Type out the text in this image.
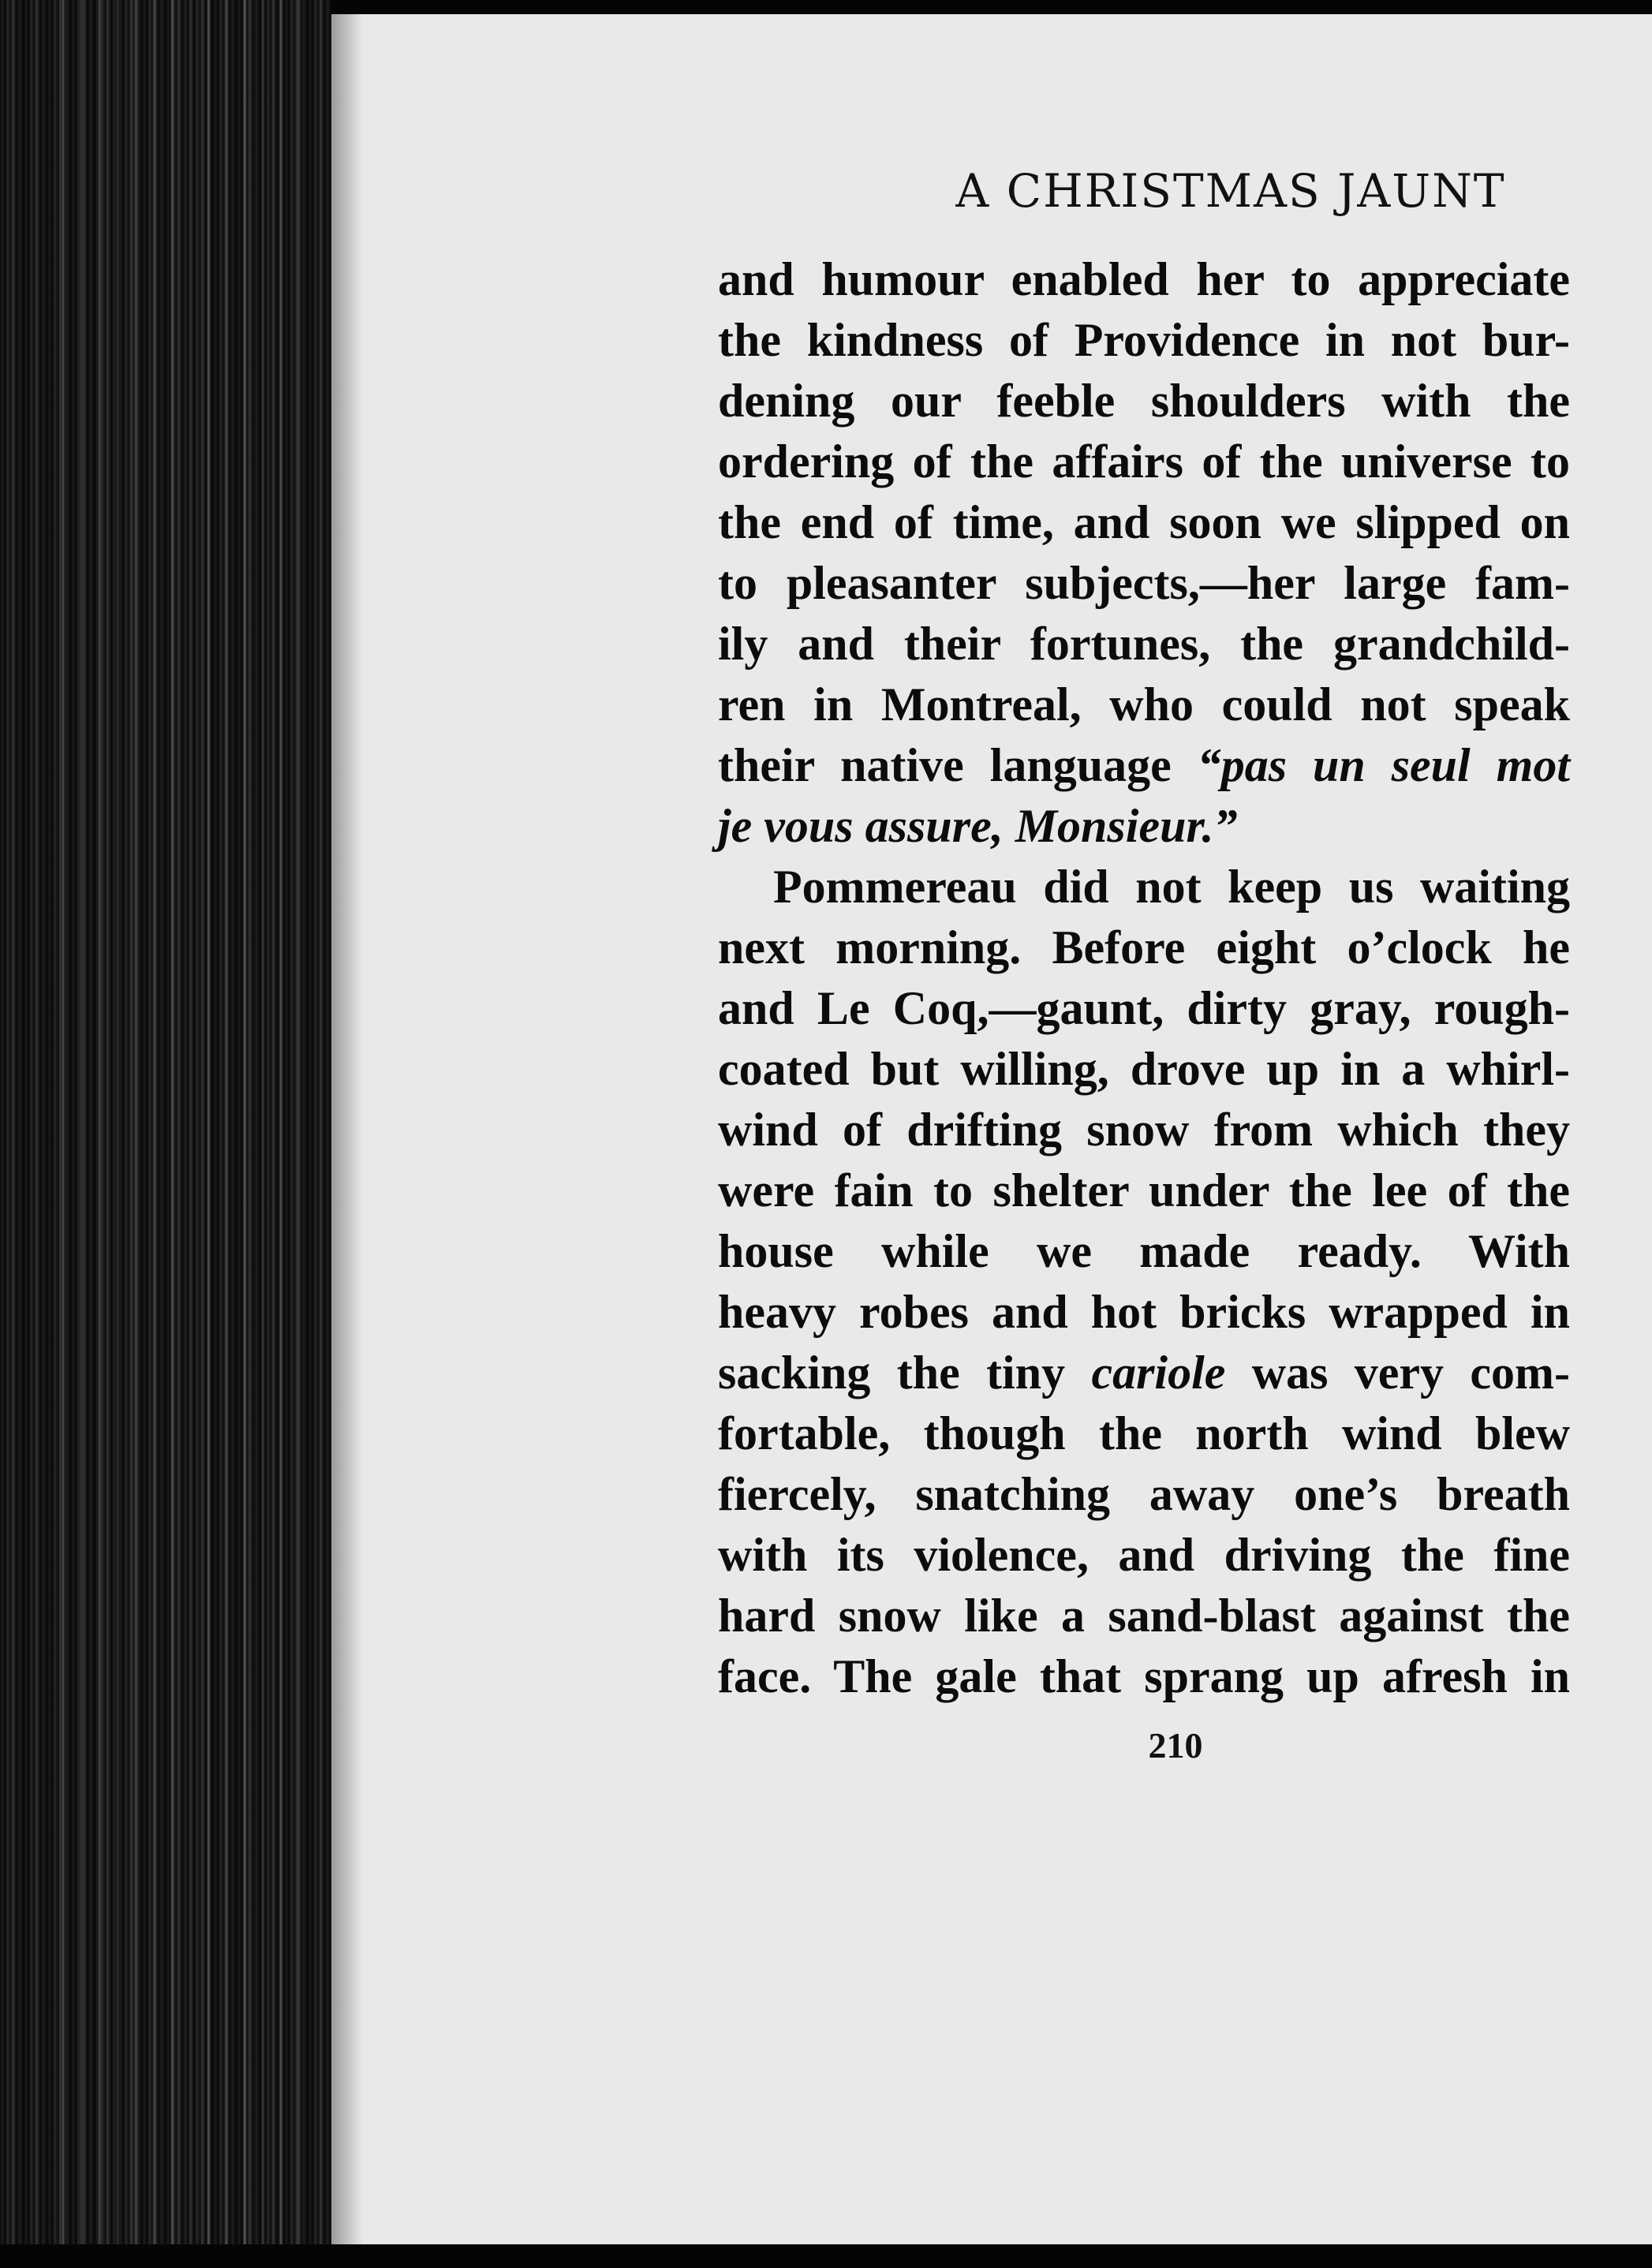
A CHRISTMAS JAUNT
and humour enabled her to appreciate
the kindness of Providence in not bur-
dening our feeble shoulders with the
ordering of the affairs of the universe to
the end of time, and soon we slipped on
to pleasanter subjects,—her large fam-
ily and their fortunes, the grandchild-
ren in Montreal, who could not speak
their native language “pas un seul mot
je vous assure, Monsieur.”
Pommereau did not keep us waiting
next morning. Before eight o’clock he
and Le Coq,—gaunt, dirty gray, rough-
coated but willing, drove up in a whirl-
wind of drifting snow from which they
were fain to shelter under the lee of the
house while we made ready. With
heavy robes and hot bricks wrapped in
sacking the tiny cariole was very com-
fortable, though the north wind blew
fiercely, snatching away one’s breath
with its violence, and driving the fine
hard snow like a sand-blast against the
face. The gale that sprang up afresh in
210
